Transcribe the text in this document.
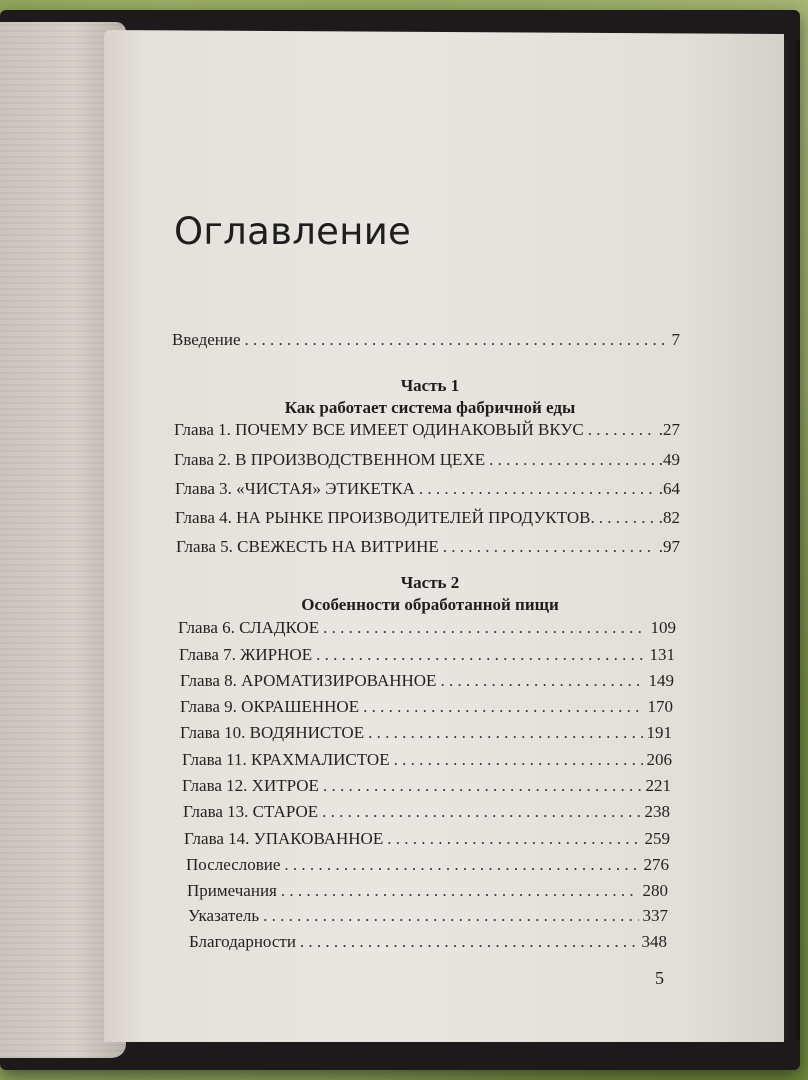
Оглавление
Введение . . .	7
Часть 1
Как работает система фабричной еды
Глава 1. ПОЧЕМУ ВСЕ ИМЕЕТ ОДИНАКОВЫЙ ВКУС . . .	.27
Глава 2. В ПРОИЗВОДСТВЕННОМ ЦЕХЕ . . .	.49
Глава 3. «ЧИСТАЯ» ЭТИКЕТКА . . .	.64
Глава 4. НА РЫНКЕ ПРОИЗВОДИТЕЛЕЙ ПРОДУКТОВ. . . .	.82
Глава 5. СВЕЖЕСТЬ НА ВИТРИНЕ . . .	.97
Часть 2
Особенности обработанной пищи
Глава 6. СЛАДКОЕ . . .	109
Глава 7. ЖИРНОЕ . . .	131
Глава 8. АРОМАТИЗИРОВАННОЕ . . .	149
Глава 9. ОКРАШЕННОЕ . . .	170
Глава 10. ВОДЯНИСТОЕ . . .	191
Глава 11. КРАХМАЛИСТОЕ . . .	206
Глава 12. ХИТРОЕ . . .	221
Глава 13. СТАРОЕ . . .	238
Глава 14. УПАКОВАННОЕ . . .	259
Послесловие . . .	276
Примечания . . .	280
Указатель . . .	337
Благодарности . . .	348
5
